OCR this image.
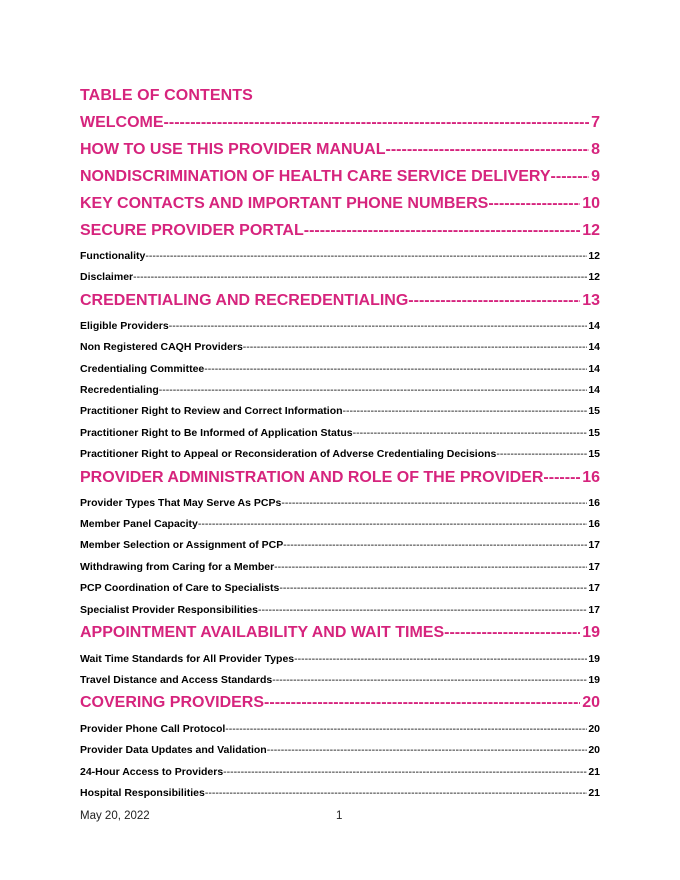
TABLE OF CONTENTS
WELCOME -----	7
HOW TO USE THIS PROVIDER MANUAL -----	8
NONDISCRIMINATION OF HEALTH CARE SERVICE DELIVERY -----	9
KEY CONTACTS AND IMPORTANT PHONE NUMBERS -----	10
SECURE PROVIDER PORTAL -----	12
Functionality -----	12
Disclaimer -----	12
CREDENTIALING AND RECREDENTIALING -----	13
Eligible Providers -----	14
Non Registered CAQH Providers -----	14
Credentialing Committee -----	14
Recredentialing -----	14
Practitioner Right to Review and Correct Information -----	15
Practitioner Right to Be Informed of Application Status -----	15
Practitioner Right to Appeal or Reconsideration of Adverse Credentialing Decisions -----	15
PROVIDER ADMINISTRATION AND ROLE OF THE PROVIDER ----- 16
Provider Types That May Serve As PCPs -----	16
Member Panel Capacity -----	16
Member Selection or Assignment of PCP -----	17
Withdrawing from Caring for a Member -----	17
PCP Coordination of Care to Specialists -----	17
Specialist Provider Responsibilities -----	17
APPOINTMENT AVAILABILITY AND WAIT TIMES -----	19
Wait Time Standards for All Provider Types -----	19
Travel Distance and Access Standards -----	19
COVERING PROVIDERS -----	20
Provider Phone Call Protocol -----	20
Provider Data Updates and Validation -----	20
24-Hour Access to Providers -----	21
Hospital Responsibilities -----	21
May 20, 2022	1
